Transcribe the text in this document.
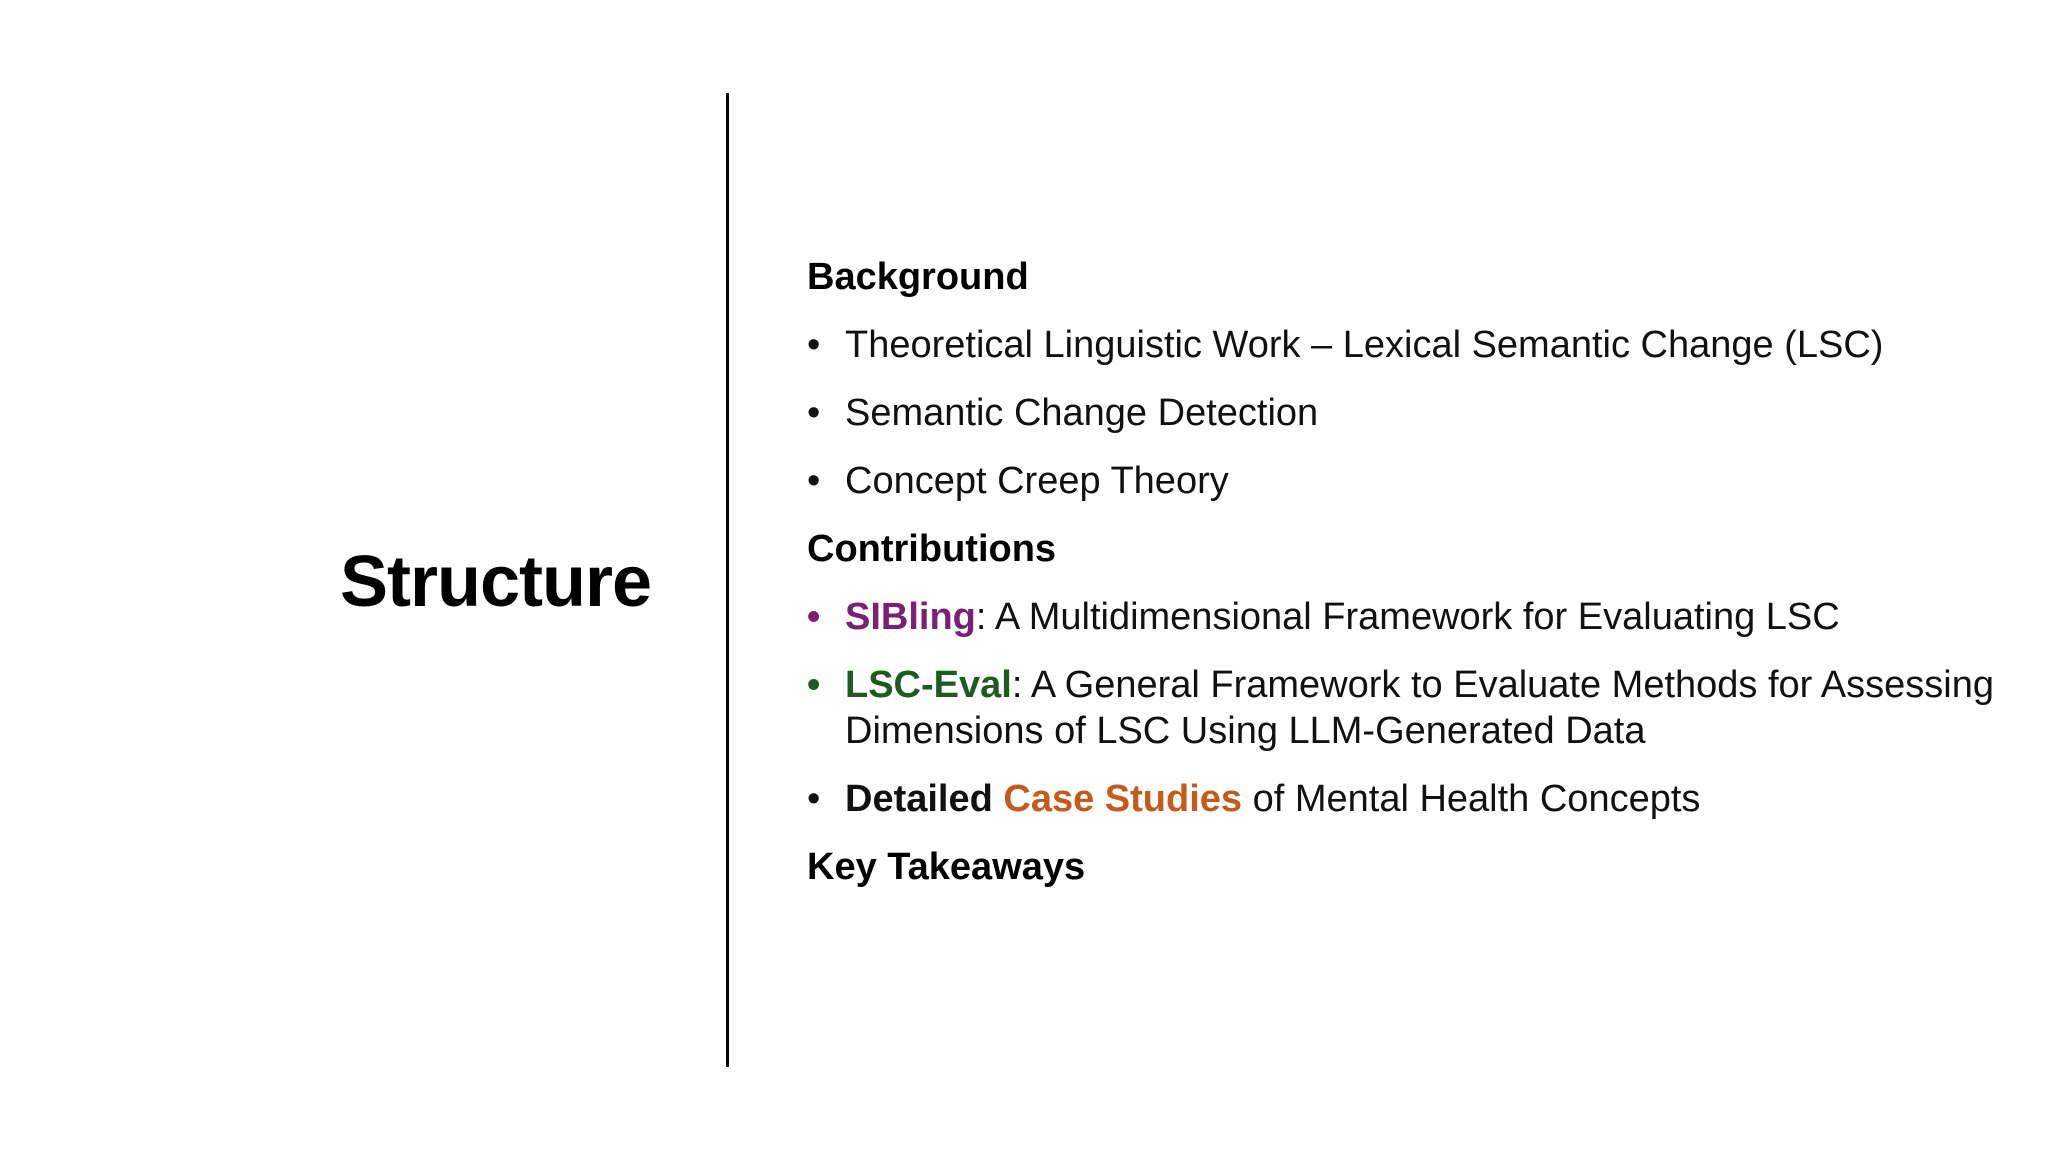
Structure
Background
• Theoretical Linguistic Work – Lexical Semantic Change (LSC)
• Semantic Change Detection
• Concept Creep Theory
Contributions
• SIBling: A Multidimensional Framework for Evaluating LSC
• LSC-Eval: A General Framework to Evaluate Methods for Assessing Dimensions of LSC Using LLM-Generated Data
• Detailed Case Studies of Mental Health Concepts
Key Takeaways
